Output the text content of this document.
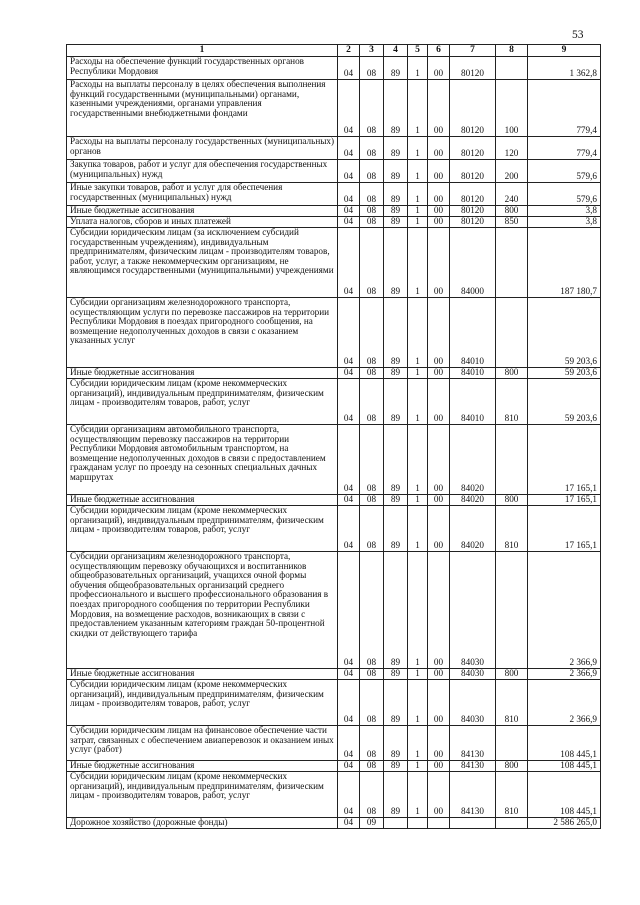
53
1	2	3	4	5	6	7	8	9
Расходы на обеспечение функций государственных органов Республики Мордовия	04	08	89	1	00	80120		1 362,8
Расходы на выплаты персоналу в целях обеспечения выполнения функций государственными (муниципальными) органами, казенными учреждениями, органами управления государственными внебюджетными фондами	04	08	89	1	00	80120	100	779,4
Расходы на выплаты персоналу государственных (муниципальных) органов	04	08	89	1	00	80120	120	779,4
Закупка товаров, работ и услуг для обеспечения государственных (муниципальных) нужд	04	08	89	1	00	80120	200	579,6
Иные закупки товаров, работ и услуг для обеспечения государственных (муниципальных) нужд	04	08	89	1	00	80120	240	579,6
Иные бюджетные ассигнования	04	08	89	1	00	80120	800	3,8
Уплата налогов, сборов и иных платежей	04	08	89	1	00	80120	850	3,8
Субсидии юридическим лицам (за исключением субсидий государственным учреждениям), индивидуальным предпринимателям, физическим лицам - производителям товаров, работ, услуг, а также некоммерческим организациям, не являющимся государственными (муниципальными) учреждениями	04	08	89	1	00	84000		187 180,7
Субсидии организациям железнодорожного транспорта, осуществляющим услуги по перевозке пассажиров на территории Республики Мордовия в поездах пригородного сообщения, на возмещение недополученных доходов в связи с оказанием указанных услуг	04	08	89	1	00	84010		59 203,6
Иные бюджетные ассигнования	04	08	89	1	00	84010	800	59 203,6
Субсидии юридическим лицам (кроме некоммерческих организаций), индивидуальным предпринимателям, физическим лицам - производителям товаров, работ, услуг	04	08	89	1	00	84010	810	59 203,6
Субсидии организациям автомобильного транспорта, осуществляющим перевозку пассажиров на территории Республики Мордовия автомобильным транспортом, на возмещение недополученных доходов в связи с предоставлением гражданам услуг по проезду на сезонных специальных дачных маршрутах	04	08	89	1	00	84020		17 165,1
Иные бюджетные ассигнования	04	08	89	1	00	84020	800	17 165,1
Субсидии юридическим лицам (кроме некоммерческих организаций), индивидуальным предпринимателям, физическим лицам - производителям товаров, работ, услуг	04	08	89	1	00	84020	810	17 165,1
Субсидии организациям железнодорожного транспорта, осуществляющим перевозку обучающихся и воспитанников общеобразовательных организаций, учащихся очной формы обучения общеобразовательных организаций среднего профессионального и высшего профессионального образования в поездах пригородного сообщения по территории Республики Мордовия, на возмещение расходов, возникающих в связи с предоставлением указанным категориям граждан 50-процентной скидки от действующего тарифа	04	08	89	1	00	84030		2 366,9
Иные бюджетные ассигнования	04	08	89	1	00	84030	800	2 366,9
Субсидии юридическим лицам (кроме некоммерческих организаций), индивидуальным предпринимателям, физическим лицам - производителям товаров, работ, услуг	04	08	89	1	00	84030	810	2 366,9
Субсидии юридическим лицам на финансовое обеспечение части затрат, связанных с обеспечением авиаперевозок и оказанием иных услуг (работ)	04	08	89	1	00	84130		108 445,1
Иные бюджетные ассигнования	04	08	89	1	00	84130	800	108 445,1
Субсидии юридическим лицам (кроме некоммерческих организаций), индивидуальным предпринимателям, физическим лицам - производителям товаров, работ, услуг	04	08	89	1	00	84130	810	108 445,1
Дорожное хозяйство (дорожные фонды)	04	09						2 586 265,0
